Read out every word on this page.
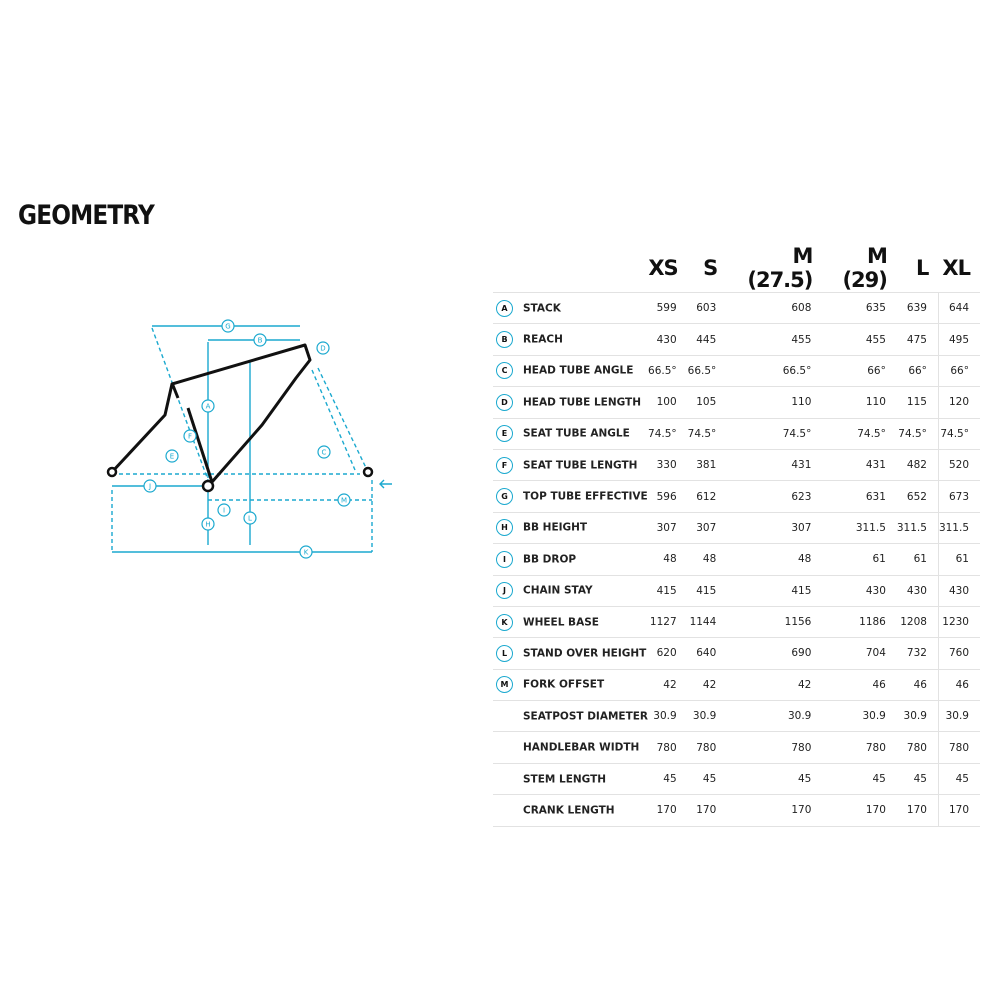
GEOMETRY
G
B
D
A
F
E	C
J
M
I
H
L
K
	XS	S	M (27.5)	M (29)	L	XL
A STACK	599	603	608	635	639	644
B REACH	430	445	455	455	475	495
C HEAD TUBE ANGLE	66.5°	66.5°	66.5°	66°	66°	66°
D HEAD TUBE LENGTH	100	105	110	110	115	120
E SEAT TUBE ANGLE	74.5°	74.5°	74.5°	74.5°	74.5°	74.5°
F SEAT TUBE LENGTH	330	381	431	431	482	520
G TOP TUBE EFFECTIVE	596	612	623	631	652	673
H BB HEIGHT	307	307	307	311.5	311.5	311.5
I BB DROP	48	48	48	61	61	61
J CHAIN STAY	415	415	415	430	430	430
K WHEEL BASE	1127	1144	1156	1186	1208	1230
L STAND OVER HEIGHT	620	640	690	704	732	760
M FORK OFFSET	42	42	42	46	46	46
SEATPOST DIAMETER	30.9	30.9	30.9	30.9	30.9	30.9
HANDLEBAR WIDTH	780	780	780	780	780	780
STEM LENGTH	45	45	45	45	45	45
CRANK LENGTH	170	170	170	170	170	170
